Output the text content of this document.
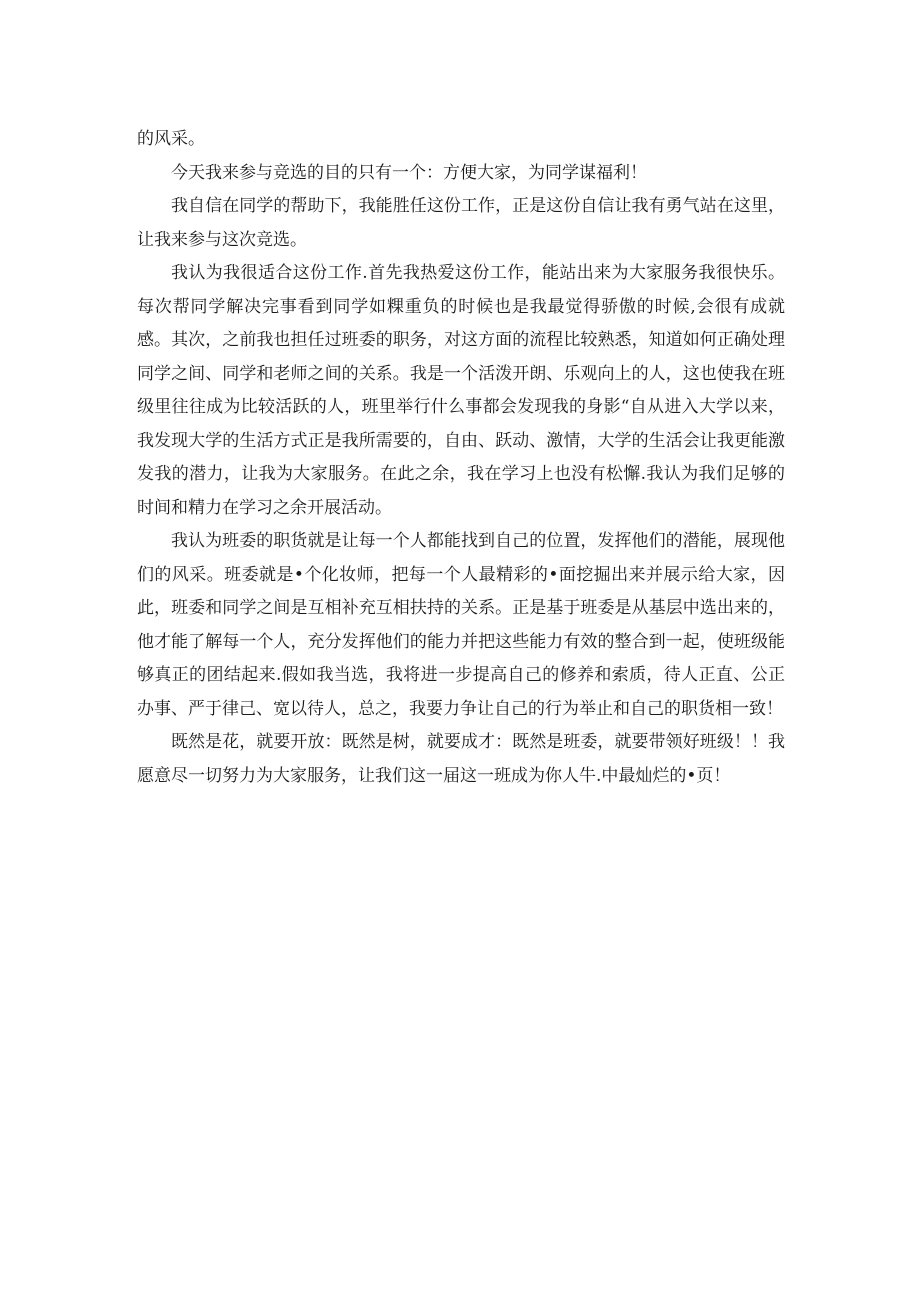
的风采。

今天我来参与竞选的目的只有一个：方便大家，为同学谋福利！

我自信在同学的帮助下，我能胜任这份工作，正是这份自信让我有勇气站在这里，让我来参与这次竞选。

我认为我很适合这份工作.首先我热爱这份工作，能站出来为大家服务我很快乐。每次帮同学解决完事看到同学如粿重负的时候也是我最觉得骄傲的时候,会很有成就感。其次，之前我也担任过班委的职务，对这方面的流程比较熟悉，知道如何正确处理同学之间、同学和老师之间的关系。我是一个活泼开朗、乐观向上的人，这也使我在班级里往往成为比较活跃的人，班里举行什么事都会发现我的身影“自从进入大学以来，我发现大学的生活方式正是我所需要的，自由、跃动、激情，大学的生活会让我更能激发我的潜力，让我为大家服务。在此之余，我在学习上也没有松懈.我认为我们足够的时间和精力在学习之余开展活动。

我认为班委的职货就是让每一个人都能找到自己的位置，发挥他们的潜能，展现他们的风采。班委就是•个化妆师，把每一个人最精彩的•面挖掘出来并展示给大家，因此，班委和同学之间是互相补充互相扶持的关系。正是基于班委是从基层中选出来的，他才能了解每一个人，充分发挥他们的能力并把这些能力有效的整合到一起，使班级能够真正的团结起来.假如我当选，我将进一步提高自己的修养和索质，待人正直、公正办事、严于律己、宽以待人，总之，我要力争让自己的行为举止和自己的职货相一致！

既然是花，就要开放：既然是树，就要成才：既然是班委，就要带领好班级！！我愿意尽一切努力为大家服务，让我们这一届这一班成为你人牛.中最灿烂的•页！
